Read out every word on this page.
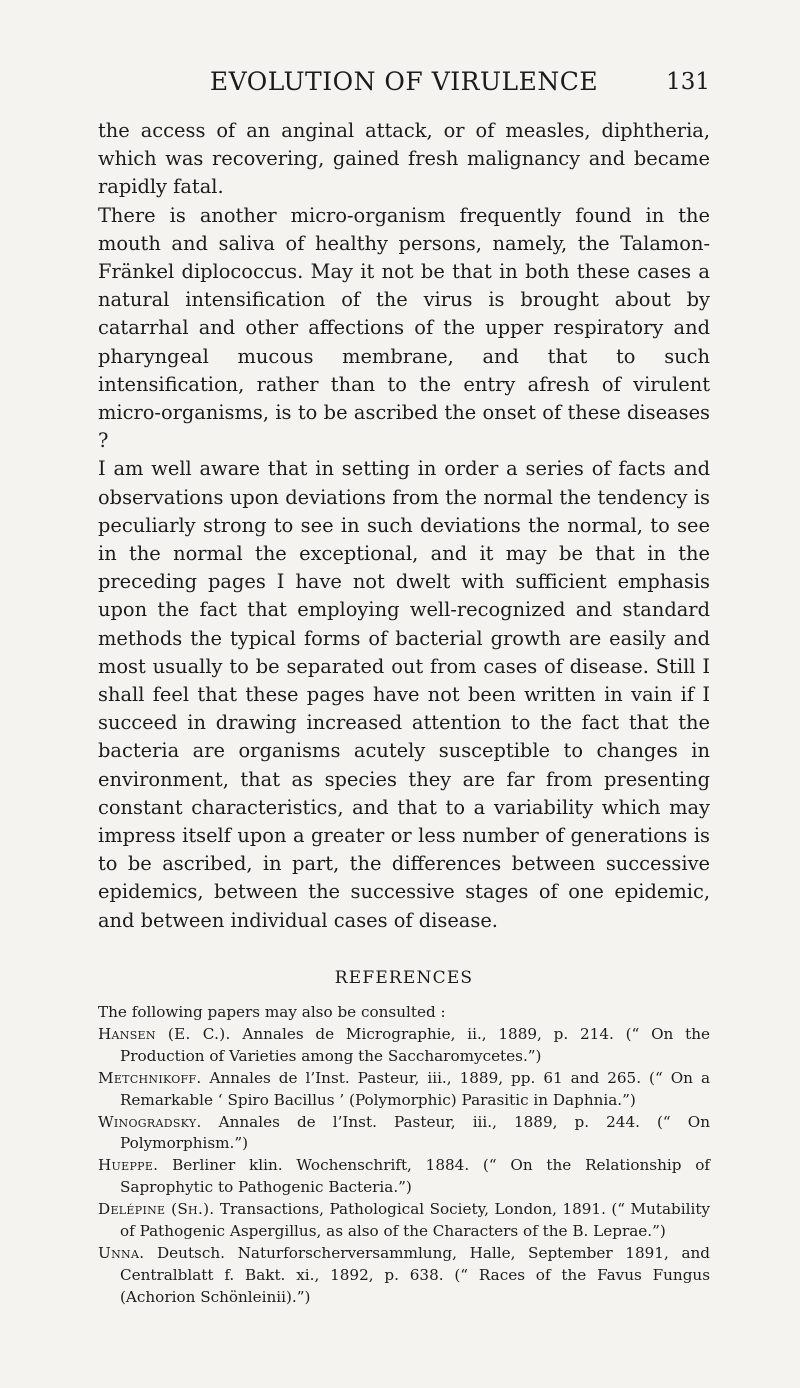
EVOLUTION OF VIRULENCE	131

the access of an anginal attack, or of measles, diphtheria, which was recovering, gained fresh malignancy and became rapidly fatal.

There is another micro-organism frequently found in the mouth and saliva of healthy persons, namely, the Talamon-Fränkel diplococcus. May it not be that in both these cases a natural intensification of the virus is brought about by catarrhal and other affections of the upper respiratory and pharyngeal mucous membrane, and that to such intensification, rather than to the entry afresh of virulent micro-organisms, is to be ascribed the onset of these diseases ?

I am well aware that in setting in order a series of facts and observations upon deviations from the normal the tendency is peculiarly strong to see in such deviations the normal, to see in the normal the exceptional, and it may be that in the preceding pages I have not dwelt with sufficient emphasis upon the fact that employing well-recognized and standard methods the typical forms of bacterial growth are easily and most usually to be separated out from cases of disease. Still I shall feel that these pages have not been written in vain if I succeed in drawing increased attention to the fact that the bacteria are organisms acutely susceptible to changes in environment, that as species they are far from presenting constant characteristics, and that to a variability which may impress itself upon a greater or less number of generations is to be ascribed, in part, the differences between successive epidemics, between the successive stages of one epidemic, and between individual cases of disease.

REFERENCES

The following papers may also be consulted :

Hansen (E. C.). Annales de Micrographie, ii., 1889, p. 214. (“ On the Production of Varieties among the Saccharomycetes.”)

Metchnikoff. Annales de l’Inst. Pasteur, iii., 1889, pp. 61 and 265. (“ On a Remarkable ‘ Spiro Bacillus ’ (Polymorphic) Parasitic in Daphnia.”)

Winogradsky. Annales de l’Inst. Pasteur, iii., 1889, p. 244. (“ On Polymorphism.”)

Hueppe. Berliner klin. Wochenschrift, 1884. (“ On the Relationship of Saprophytic to Pathogenic Bacteria.”)

Delépine (Sh.). Transactions, Pathological Society, London, 1891. (“ Mutability of Pathogenic Aspergillus, as also of the Characters of the B. Leprae.”)

Unna. Deutsch. Naturforscherversammlung, Halle, September 1891, and Centralblatt f. Bakt. xi., 1892, p. 638. (“ Races of the Favus Fungus (Achorion Schönleinii).”)
